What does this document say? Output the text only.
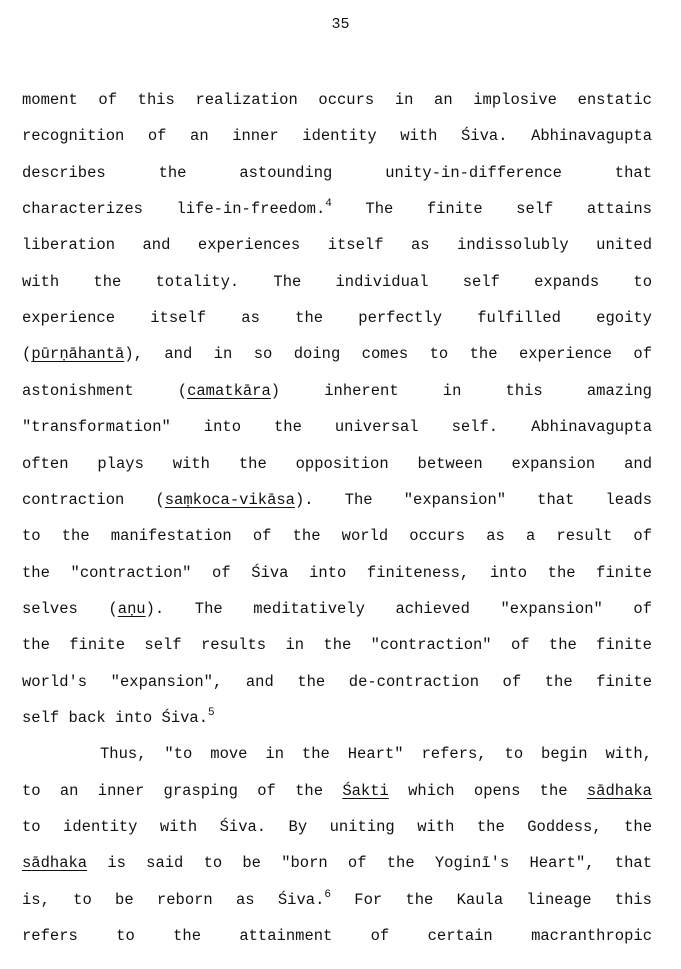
35
moment of this realization occurs in an implosive enstatic
recognition of an inner identity with Śiva. Abhinavagupta
describes the astounding unity-in-difference that
characterizes life-in-freedom.$^4$ The finite self attains
liberation and experiences itself as indissolubly united
with the totality. The individual self expands to
experience itself as the perfectly fulfilled egoity
(pūrṇāhantā), and in so doing comes to the experience of
astonishment (camatkāra) inherent in this amazing
"transformation" into the universal self. Abhinavagupta
often plays with the opposition between expansion and
contraction (saṃkoca-vikāsa). The "expansion" that leads
to the manifestation of the world occurs as a result of
the "contraction" of Śiva into finiteness, into the finite
selves (aṇu). The meditatively achieved "expansion" of
the finite self results in the "contraction" of the finite
world's "expansion", and the de-contraction of the finite
self back into Śiva.$^5$
Thus, "to move in the Heart" refers, to begin with,
to an inner grasping of the Śakti which opens the sādhaka
to identity with Śiva. By uniting with the Goddess, the
sādhaka is said to be "born of the Yoginī's Heart", that
is, to be reborn as Śiva.$^6$ For the Kaula lineage this
refers to the attainment of certain macranthropic
